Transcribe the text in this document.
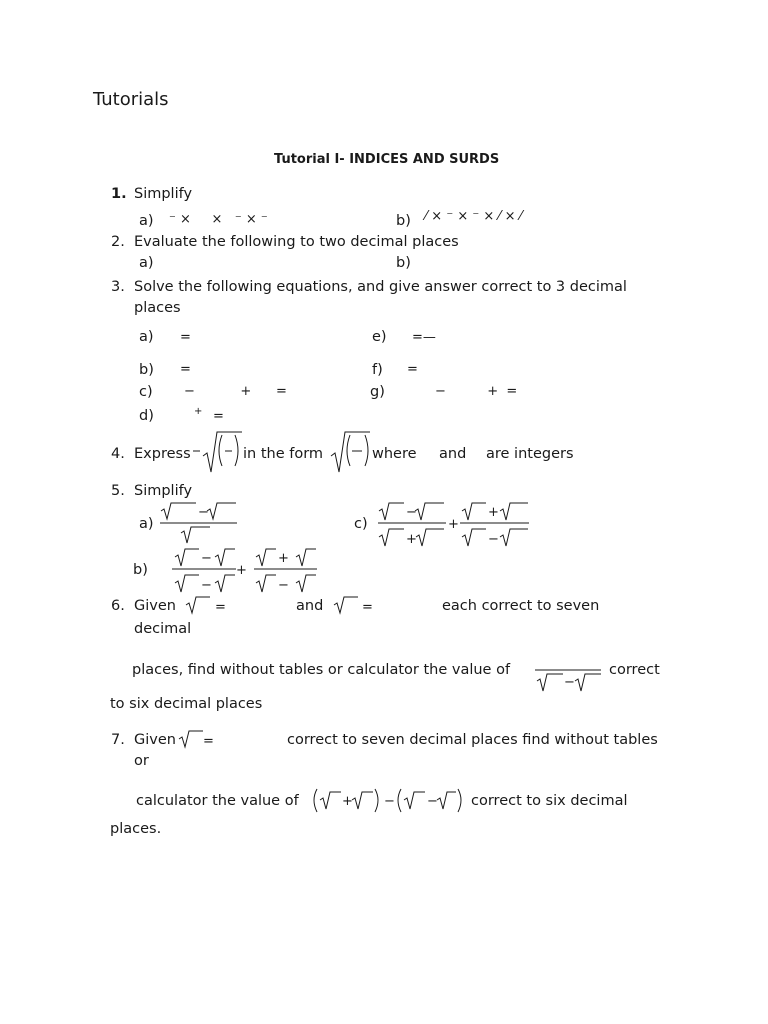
Tutorials
Tutorial I- INDICES AND SURDS
1. Simplify
a) ⁻ ×     ×   ⁻ × ⁻	b) ⁄ × ⁻ × ⁻ × ⁄ × ⁄
2. Evaluate the following to two decimal places
a)	b)
3. Solve the following equations, and give answer correct to 3 decimal
places
a) =	e) =—
b) =	f) =
c) −           +      =	g)	−          +  =
d)	+ =
4. Express	in the form	where and are integers
5. Simplify
a)
−
c)
−
+
+
+
−
b)
−
−
+
+
−
6. Given	=	and	=	each correct to seven
decimal
places, find without tables or calculator the value of
−
correct
to six decimal places
7. Given =	correct to seven decimal places find without tables
or
calculator the value of	+ − − correct to six decimal
places.
